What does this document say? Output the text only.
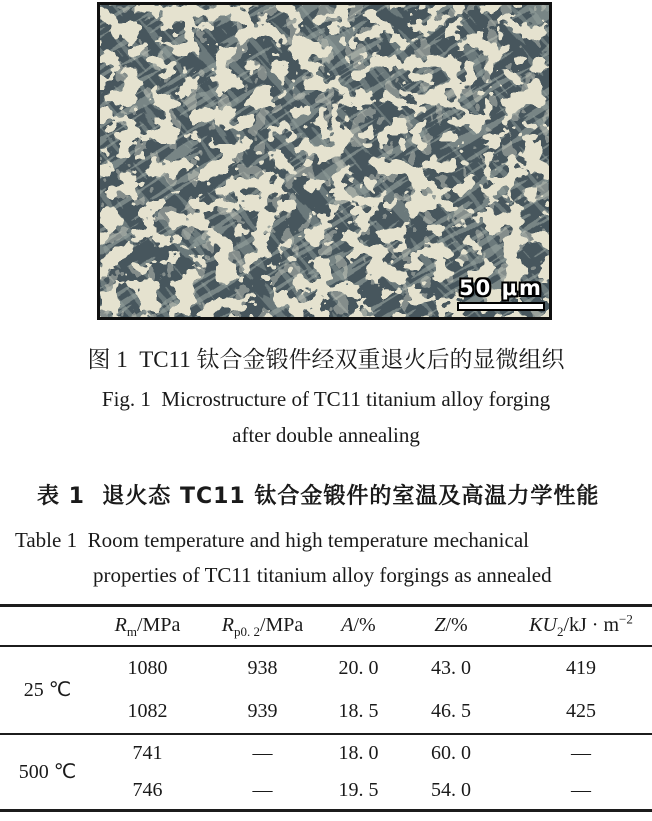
50 μm
图 1  TC11 钛合金锻件经双重退火后的显微组织
Fig. 1  Microstructure of TC11 titanium alloy forging
after double annealing
表 1  退火态 TC11 钛合金锻件的室温及高温力学性能
Table 1  Room temperature and high temperature mechanical
properties of TC11 titanium alloy forgings as annealed
	$R_m$/MPa	$R_{p0. 2}$/MPa	A/%	Z/%	$KU_2/kJ \cdot m^{-2}$
25 ℃	1080	938	20. 0	43. 0	419
	1082	939	18. 5	46. 5	425
500 ℃	741	—	18. 0	60. 0	—
	746	—	19. 5	54. 0	—
